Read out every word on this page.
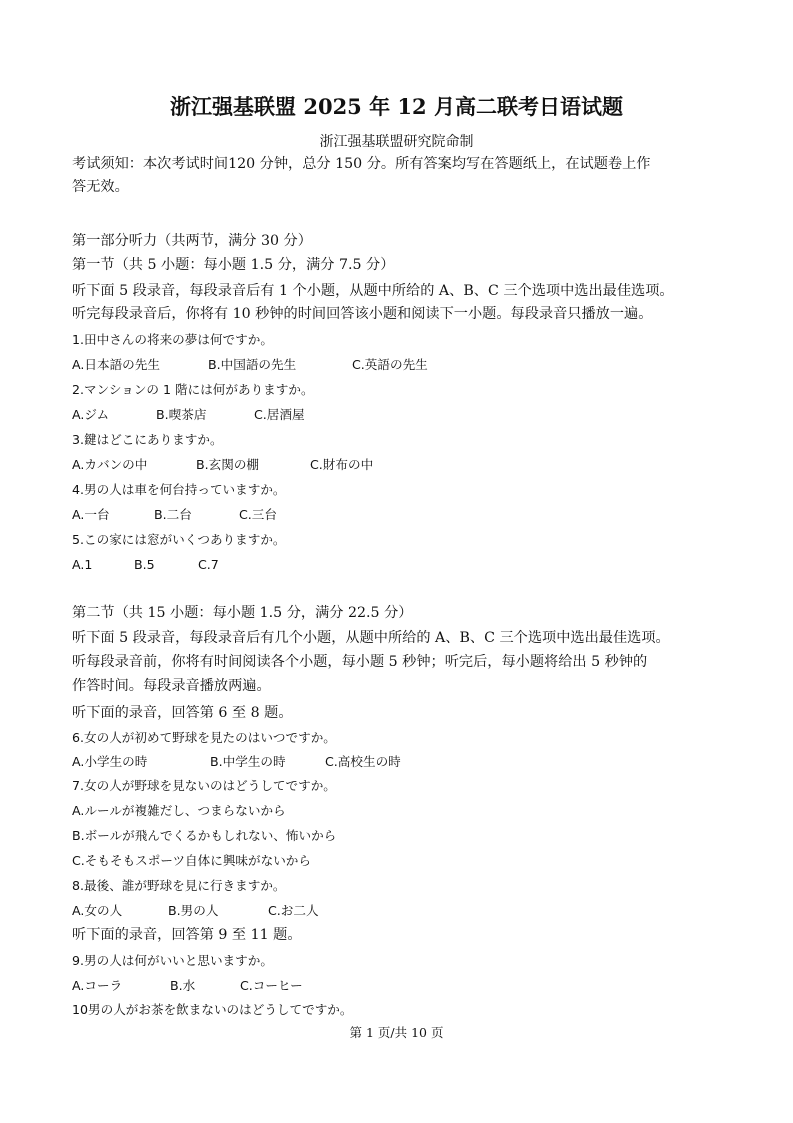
浙江强基联盟 2025 年 12 月高二联考日语试题
浙江强基联盟研究院命制
考试须知：本次考试时间120 分钟，总分 150 分。所有答案均写在答题纸上，在试题卷上作
答无效。
第一部分听力（共两节，满分 30 分）
第一节（共 5 小题：每小题 1.5 分，满分 7.5 分）
听下面 5 段录音，每段录音后有 1 个小题，从题中所给的 A、B、C 三个选项中选出最佳选项。
听完每段录音后，你将有 10 秒钟的时间回答该小题和阅读下一小题。每段录音只播放一遍。
1.田中さんの将来の夢は何ですか。
A.日本語の先生	B.中国語の先生	C.英語の先生
2.マンションの 1 階には何がありますか。
A.ジム	B.喫茶店	C.居酒屋
3.鍵はどこにありますか。
A.カバンの中	B.玄関の棚	C.財布の中
4.男の人は車を何台持っていますか。
A.一台	B.二台	C.三台
5.この家には窓がいくつありますか。
A.1	B.5	C.7
第二节（共 15 小题：每小题 1.5 分，满分 22.5 分）
听下面 5 段录音，每段录音后有几个小题，从题中所给的 A、B、C 三个选项中选出最佳选项。
听每段录音前，你将有时间阅读各个小题，每小题 5 秒钟；听完后，每小题将给出 5 秒钟的
作答时间。每段录音播放两遍。
听下面的录音，回答第 6 至 8 题。
6.女の人が初めて野球を見たのはいつですか。
A.小学生の時	B.中学生の時	C.高校生の時
7.女の人が野球を見ないのはどうしてですか。
A.ルールが複雑だし、つまらないから
B.ボールが飛んでくるかもしれない、怖いから
C.そもそもスポーツ自体に興味がないから
8.最後、誰が野球を見に行きますか。
A.女の人	B.男の人	C.お二人
听下面的录音，回答第 9 至 11 题。
9.男の人は何がいいと思いますか。
A.コーラ	B.水	C.コーヒー
10男の人がお茶を飲まないのはどうしてですか。
第 1 页/共 10 页
